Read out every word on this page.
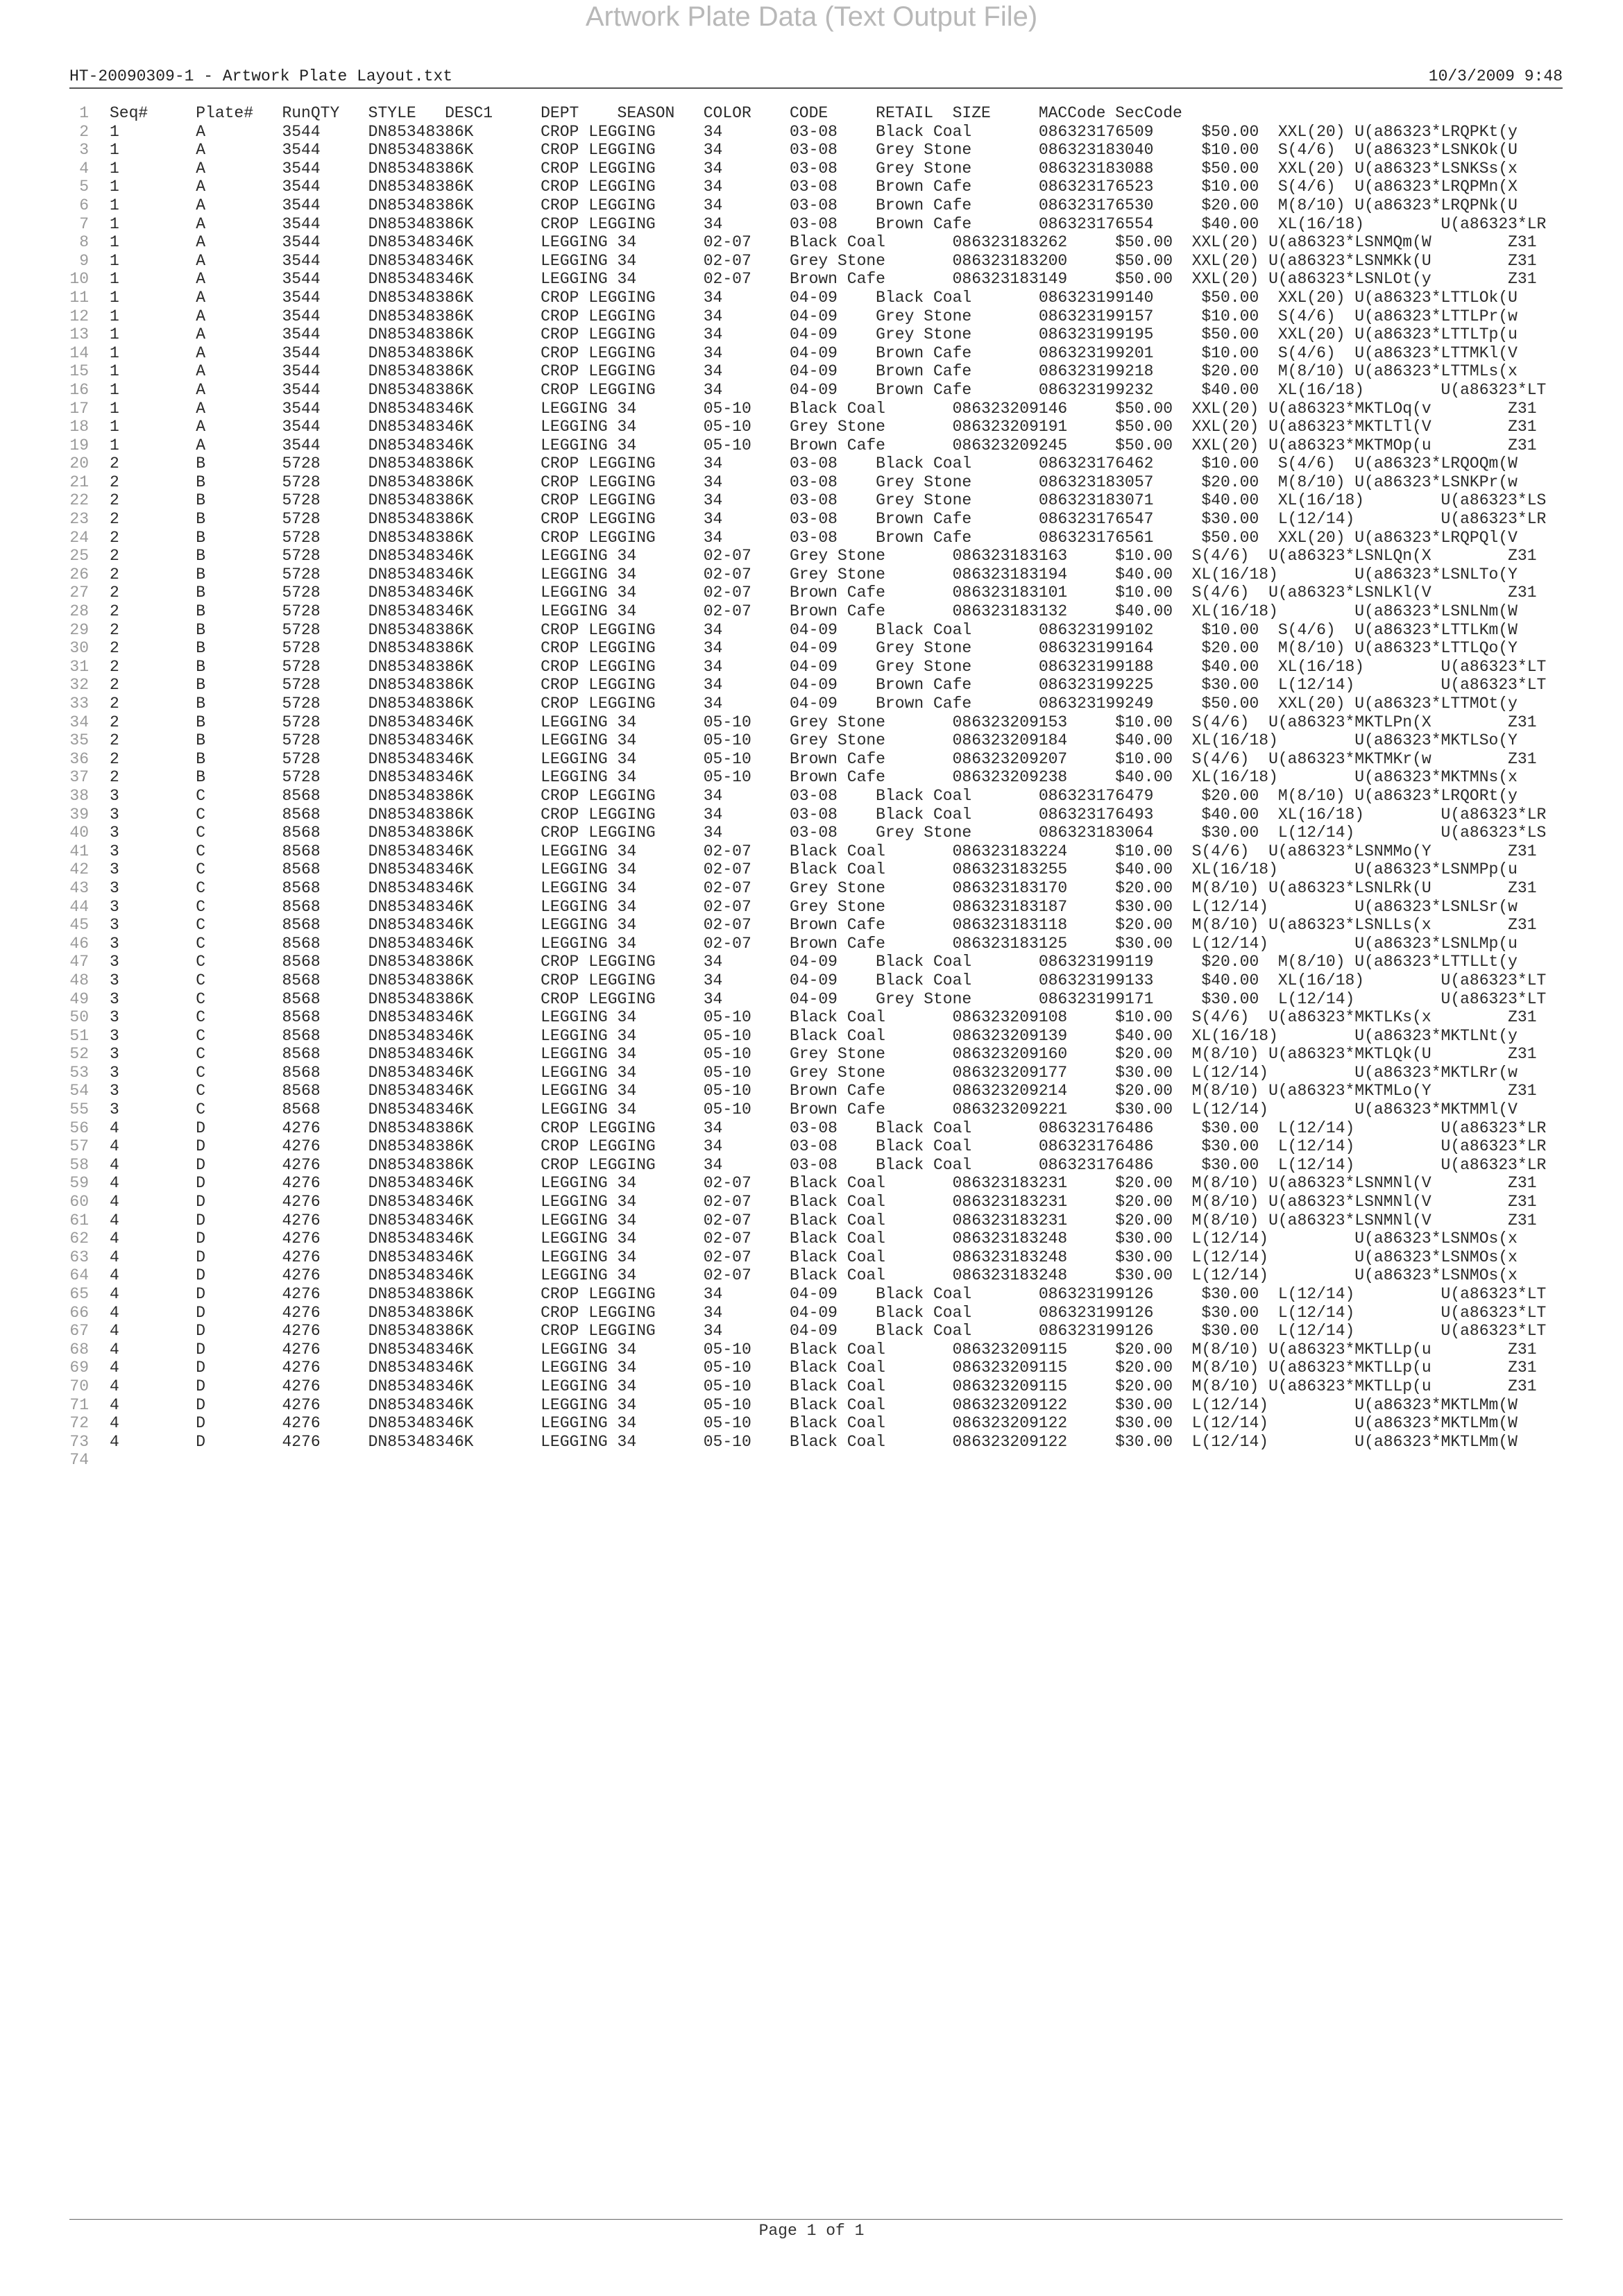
Artwork Plate Data (Text Output File)
HT-20090309-1 - Artwork Plate Layout.txt	10/3/2009 9:48
1 Seq#     Plate#   RunQTY   STYLE   DESC1     DEPT    SEASON   COLOR    CODE     RETAIL  SIZE     MACCode SecCode
2 1        A        3544     DN85348386K       CROP LEGGING     34       03-08    Black Coal       086323176509     $50.00  XXL(20) U(a86323*LRQPKt(y
3 1        A        3544     DN85348386K       CROP LEGGING     34       03-08    Grey Stone       086323183040     $10.00  S(4/6)  U(a86323*LSNKOk(U
4 1        A        3544     DN85348386K       CROP LEGGING     34       03-08    Grey Stone       086323183088     $50.00  XXL(20) U(a86323*LSNKSs(x
5 1        A        3544     DN85348386K       CROP LEGGING     34       03-08    Brown Cafe       086323176523     $10.00  S(4/6)  U(a86323*LRQPMn(X
6 1        A        3544     DN85348386K       CROP LEGGING     34       03-08    Brown Cafe       086323176530     $20.00  M(8/10) U(a86323*LRQPNk(U
7 1        A        3544     DN85348386K       CROP LEGGING     34       03-08    Brown Cafe       086323176554     $40.00  XL(16/18)        U(a86323*LR
8 1        A        3544     DN85348346K       LEGGING 34       02-07    Black Coal       086323183262     $50.00  XXL(20) U(a86323*LSNMQm(W        Z31
9 1        A        3544     DN85348346K       LEGGING 34       02-07    Grey Stone       086323183200     $50.00  XXL(20) U(a86323*LSNMKk(U        Z31
10 1        A        3544     DN85348346K       LEGGING 34       02-07    Brown Cafe       086323183149     $50.00  XXL(20) U(a86323*LSNLOt(y        Z31
11 1        A        3544     DN85348386K       CROP LEGGING     34       04-09    Black Coal       086323199140     $50.00  XXL(20) U(a86323*LTTLOk(U
12 1        A        3544     DN85348386K       CROP LEGGING     34       04-09    Grey Stone       086323199157     $10.00  S(4/6)  U(a86323*LTTLPr(w
13 1        A        3544     DN85348386K       CROP LEGGING     34       04-09    Grey Stone       086323199195     $50.00  XXL(20) U(a86323*LTTLTp(u
14 1        A        3544     DN85348386K       CROP LEGGING     34       04-09    Brown Cafe       086323199201     $10.00  S(4/6)  U(a86323*LTTMKl(V
15 1        A        3544     DN85348386K       CROP LEGGING     34       04-09    Brown Cafe       086323199218     $20.00  M(8/10) U(a86323*LTTMLs(x
16 1        A        3544     DN85348386K       CROP LEGGING     34       04-09    Brown Cafe       086323199232     $40.00  XL(16/18)        U(a86323*LT
17 1        A        3544     DN85348346K       LEGGING 34       05-10    Black Coal       086323209146     $50.00  XXL(20) U(a86323*MKTLOq(v        Z31
18 1        A        3544     DN85348346K       LEGGING 34       05-10    Grey Stone       086323209191     $50.00  XXL(20) U(a86323*MKTLTl(V        Z31
19 1        A        3544     DN85348346K       LEGGING 34       05-10    Brown Cafe       086323209245     $50.00  XXL(20) U(a86323*MKTMOp(u        Z31
20 2        B        5728     DN85348386K       CROP LEGGING     34       03-08    Black Coal       086323176462     $10.00  S(4/6)  U(a86323*LRQOQm(W
21 2        B        5728     DN85348386K       CROP LEGGING     34       03-08    Grey Stone       086323183057     $20.00  M(8/10) U(a86323*LSNKPr(w
22 2        B        5728     DN85348386K       CROP LEGGING     34       03-08    Grey Stone       086323183071     $40.00  XL(16/18)        U(a86323*LS
23 2        B        5728     DN85348386K       CROP LEGGING     34       03-08    Brown Cafe       086323176547     $30.00  L(12/14)         U(a86323*LR
24 2        B        5728     DN85348386K       CROP LEGGING     34       03-08    Brown Cafe       086323176561     $50.00  XXL(20) U(a86323*LRQPQl(V
25 2        B        5728     DN85348346K       LEGGING 34       02-07    Grey Stone       086323183163     $10.00  S(4/6)  U(a86323*LSNLQn(X        Z31
26 2        B        5728     DN85348346K       LEGGING 34       02-07    Grey Stone       086323183194     $40.00  XL(16/18)        U(a86323*LSNLTo(Y
27 2        B        5728     DN85348346K       LEGGING 34       02-07    Brown Cafe       086323183101     $10.00  S(4/6)  U(a86323*LSNLKl(V        Z31
28 2        B        5728     DN85348346K       LEGGING 34       02-07    Brown Cafe       086323183132     $40.00  XL(16/18)        U(a86323*LSNLNm(W
29 2        B        5728     DN85348386K       CROP LEGGING     34       04-09    Black Coal       086323199102     $10.00  S(4/6)  U(a86323*LTTLKm(W
30 2        B        5728     DN85348386K       CROP LEGGING     34       04-09    Grey Stone       086323199164     $20.00  M(8/10) U(a86323*LTTLQo(Y
31 2        B        5728     DN85348386K       CROP LEGGING     34       04-09    Grey Stone       086323199188     $40.00  XL(16/18)        U(a86323*LT
32 2        B        5728     DN85348386K       CROP LEGGING     34       04-09    Brown Cafe       086323199225     $30.00  L(12/14)         U(a86323*LT
33 2        B        5728     DN85348386K       CROP LEGGING     34       04-09    Brown Cafe       086323199249     $50.00  XXL(20) U(a86323*LTTMOt(y
34 2        B        5728     DN85348346K       LEGGING 34       05-10    Grey Stone       086323209153     $10.00  S(4/6)  U(a86323*MKTLPn(X        Z31
35 2        B        5728     DN85348346K       LEGGING 34       05-10    Grey Stone       086323209184     $40.00  XL(16/18)        U(a86323*MKTLSo(Y
36 2        B        5728     DN85348346K       LEGGING 34       05-10    Brown Cafe       086323209207     $10.00  S(4/6)  U(a86323*MKTMKr(w        Z31
37 2        B        5728     DN85348346K       LEGGING 34       05-10    Brown Cafe       086323209238     $40.00  XL(16/18)        U(a86323*MKTMNs(x
38 3        C        8568     DN85348386K       CROP LEGGING     34       03-08    Black Coal       086323176479     $20.00  M(8/10) U(a86323*LRQORt(y
39 3        C        8568     DN85348386K       CROP LEGGING     34       03-08    Black Coal       086323176493     $40.00  XL(16/18)        U(a86323*LR
40 3        C        8568     DN85348386K       CROP LEGGING     34       03-08    Grey Stone       086323183064     $30.00  L(12/14)         U(a86323*LS
41 3        C        8568     DN85348346K       LEGGING 34       02-07    Black Coal       086323183224     $10.00  S(4/6)  U(a86323*LSNMMo(Y        Z31
42 3        C        8568     DN85348346K       LEGGING 34       02-07    Black Coal       086323183255     $40.00  XL(16/18)        U(a86323*LSNMPp(u
43 3        C        8568     DN85348346K       LEGGING 34       02-07    Grey Stone       086323183170     $20.00  M(8/10) U(a86323*LSNLRk(U        Z31
44 3        C        8568     DN85348346K       LEGGING 34       02-07    Grey Stone       086323183187     $30.00  L(12/14)         U(a86323*LSNLSr(w
45 3        C        8568     DN85348346K       LEGGING 34       02-07    Brown Cafe       086323183118     $20.00  M(8/10) U(a86323*LSNLLs(x        Z31
46 3        C        8568     DN85348346K       LEGGING 34       02-07    Brown Cafe       086323183125     $30.00  L(12/14)         U(a86323*LSNLMp(u
47 3        C        8568     DN85348386K       CROP LEGGING     34       04-09    Black Coal       086323199119     $20.00  M(8/10) U(a86323*LTTLLt(y
48 3        C        8568     DN85348386K       CROP LEGGING     34       04-09    Black Coal       086323199133     $40.00  XL(16/18)        U(a86323*LT
49 3        C        8568     DN85348386K       CROP LEGGING     34       04-09    Grey Stone       086323199171     $30.00  L(12/14)         U(a86323*LT
50 3        C        8568     DN85348346K       LEGGING 34       05-10    Black Coal       086323209108     $10.00  S(4/6)  U(a86323*MKTLKs(x        Z31
51 3        C        8568     DN85348346K       LEGGING 34       05-10    Black Coal       086323209139     $40.00  XL(16/18)        U(a86323*MKTLNt(y
52 3        C        8568     DN85348346K       LEGGING 34       05-10    Grey Stone       086323209160     $20.00  M(8/10) U(a86323*MKTLQk(U        Z31
53 3        C        8568     DN85348346K       LEGGING 34       05-10    Grey Stone       086323209177     $30.00  L(12/14)         U(a86323*MKTLRr(w
54 3        C        8568     DN85348346K       LEGGING 34       05-10    Brown Cafe       086323209214     $20.00  M(8/10) U(a86323*MKTMLo(Y        Z31
55 3        C        8568     DN85348346K       LEGGING 34       05-10    Brown Cafe       086323209221     $30.00  L(12/14)         U(a86323*MKTMMl(V
56 4        D        4276     DN85348386K       CROP LEGGING     34       03-08    Black Coal       086323176486     $30.00  L(12/14)         U(a86323*LR
57 4        D        4276     DN85348386K       CROP LEGGING     34       03-08    Black Coal       086323176486     $30.00  L(12/14)         U(a86323*LR
58 4        D        4276     DN85348386K       CROP LEGGING     34       03-08    Black Coal       086323176486     $30.00  L(12/14)         U(a86323*LR
59 4        D        4276     DN85348346K       LEGGING 34       02-07    Black Coal       086323183231     $20.00  M(8/10) U(a86323*LSNMNl(V        Z31
60 4        D        4276     DN85348346K       LEGGING 34       02-07    Black Coal       086323183231     $20.00  M(8/10) U(a86323*LSNMNl(V        Z31
61 4        D        4276     DN85348346K       LEGGING 34       02-07    Black Coal       086323183231     $20.00  M(8/10) U(a86323*LSNMNl(V        Z31
62 4        D        4276     DN85348346K       LEGGING 34       02-07    Black Coal       086323183248     $30.00  L(12/14)         U(a86323*LSNMOs(x
63 4        D        4276     DN85348346K       LEGGING 34       02-07    Black Coal       086323183248     $30.00  L(12/14)         U(a86323*LSNMOs(x
64 4        D        4276     DN85348346K       LEGGING 34       02-07    Black Coal       086323183248     $30.00  L(12/14)         U(a86323*LSNMOs(x
65 4        D        4276     DN85348386K       CROP LEGGING     34       04-09    Black Coal       086323199126     $30.00  L(12/14)         U(a86323*LT
66 4        D        4276     DN85348386K       CROP LEGGING     34       04-09    Black Coal       086323199126     $30.00  L(12/14)         U(a86323*LT
67 4        D        4276     DN85348386K       CROP LEGGING     34       04-09    Black Coal       086323199126     $30.00  L(12/14)         U(a86323*LT
68 4        D        4276     DN85348346K       LEGGING 34       05-10    Black Coal       086323209115     $20.00  M(8/10) U(a86323*MKTLLp(u        Z31
69 4        D        4276     DN85348346K       LEGGING 34       05-10    Black Coal       086323209115     $20.00  M(8/10) U(a86323*MKTLLp(u        Z31
70 4        D        4276     DN85348346K       LEGGING 34       05-10    Black Coal       086323209115     $20.00  M(8/10) U(a86323*MKTLLp(u        Z31
71 4        D        4276     DN85348346K       LEGGING 34       05-10    Black Coal       086323209122     $30.00  L(12/14)         U(a86323*MKTLMm(W
72 4        D        4276     DN85348346K       LEGGING 34       05-10    Black Coal       086323209122     $30.00  L(12/14)         U(a86323*MKTLMm(W
73 4        D        4276     DN85348346K       LEGGING 34       05-10    Black Coal       086323209122     $30.00  L(12/14)         U(a86323*MKTLMm(W
74
Page 1 of 1
